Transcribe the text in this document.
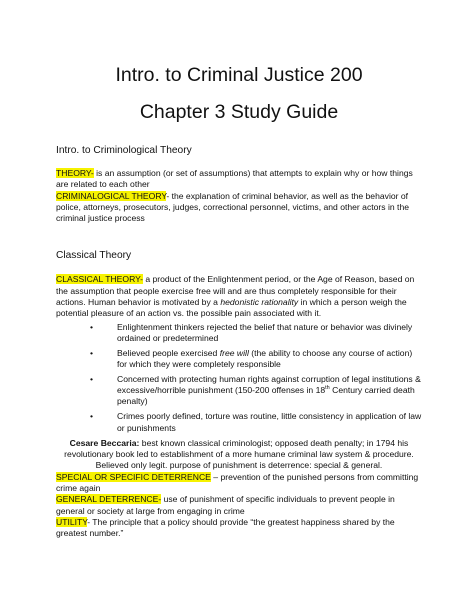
Intro. to Criminal Justice 200
Chapter 3 Study Guide
Intro. to Criminological Theory

THEORY- is an assumption (or set of assumptions) that attempts to explain why or how things are related to each other

CRIMINALOGICAL THEORY- the explanation of criminal behavior, as well as the behavior of police, attorneys, prosecutors, judges, correctional personnel, victims, and other actors in the criminal justice process

Classical Theory

CLASSICAL THEORY- a product of the Enlightenment period, or the Age of Reason, based on the assumption that people exercise free will and are thus completely responsible for their actions. Human behavior is motivated by a hedonistic rationality in which a person weigh the potential pleasure of an action vs. the possible pain associated with it.

•	Enlightenment thinkers rejected the belief that nature or behavior was divinely ordained or predetermined
•	Believed people exercised free will (the ability to choose any course of action) for which they were completely responsible
•	Concerned with protecting human rights against corruption of legal institutions & excessive/horrible punishment (150-200 offenses in 18th Century carried death penalty)
•	Crimes poorly defined, torture was routine, little consistency in application of law or punishments

Cesare Beccaria: best known classical criminologist; opposed death penalty; in 1794 his revolutionary book led to establishment of a more humane criminal law system & procedure. Believed only legit. purpose of punishment is deterrence: special & general.

SPECIAL OR SPECIFIC DETERRENCE – prevention of the punished persons from committing crime again

GENERAL DETERRENCE- use of punishment of specific individuals to prevent people in general or society at large from engaging in crime

UTILITY- The principle that a policy should provide “the greatest happiness shared by the greatest number.”
